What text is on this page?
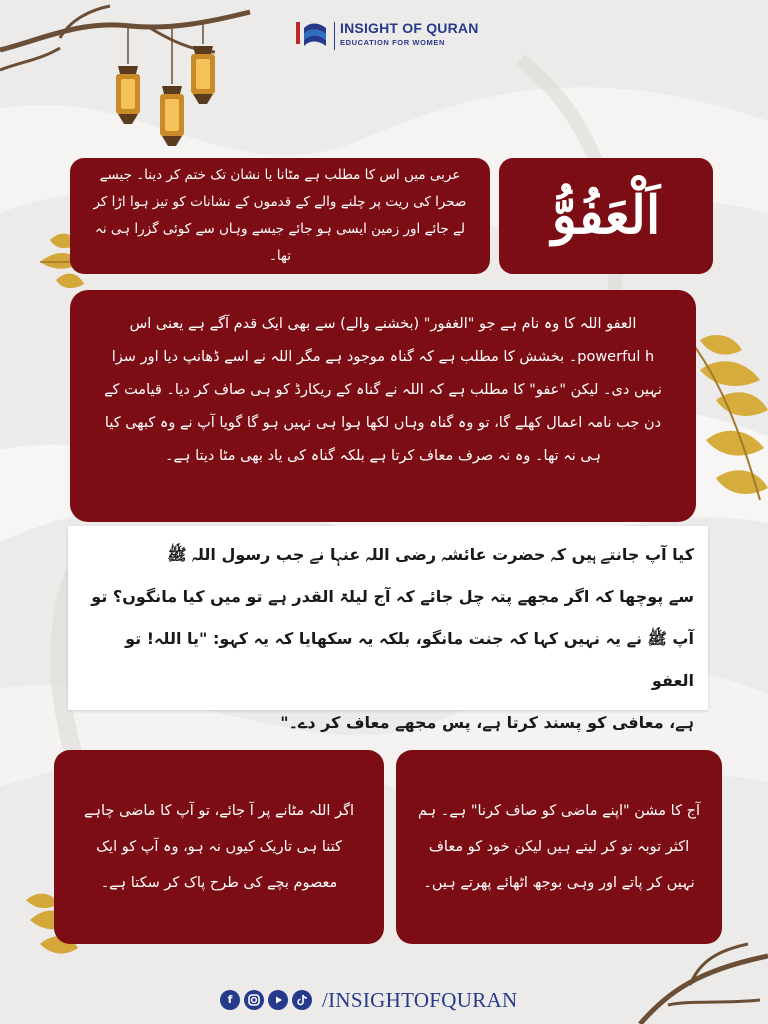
INSIGHT OF QURAN
EDUCATION FOR WOMEN
اَلْعَفُوُّ

عربی میں اس کا مطلب ہے مٹانا یا نشان تک ختم کر دینا۔ جیسے صحرا کی ریت پر چلنے والے کے قدموں کے نشانات کو تیز ہوا اڑا کر لے جائے اور زمین ایسی ہو جائے جیسے وہاں سے کوئی گزرا ہی نہ تھا۔

العفو اللہ کا وہ نام ہے جو "الغفور" (بخشنے والے) سے بھی ایک قدم آگے ہے یعنی اس powerful h۔ بخشش کا مطلب ہے کہ گناہ موجود ہے مگر اللہ نے اسے ڈھانپ دیا اور سزا نہیں دی۔ لیکن "عفو" کا مطلب ہے کہ اللہ نے گناہ کے ریکارڈ کو ہی صاف کر دیا۔ قیامت کے دن جب نامہ اعمال کھلے گا، تو وہ گناہ وہاں لکھا ہوا ہی نہیں ہو گا گویا آپ نے وہ کبھی کیا ہی نہ تھا۔ وہ نہ صرف معاف کرتا ہے بلکہ گناہ کی یاد بھی مٹا دیتا ہے۔

کیا آپ جانتے ہیں کہ حضرت عائشہ رضی اللہ عنہا نے جب رسول اللہ ﷺ
سے پوچھا کہ اگر مجھے پتہ چل جائے کہ آج لیلۃ القدر ہے تو میں کیا مانگوں؟ تو
آپ ﷺ نے یہ نہیں کہا کہ جنت مانگو، بلکہ یہ سکھایا کہ یہ کہو: "یا اللہ! تو العفو
ہے، معافی کو پسند کرتا ہے، پس مجھے معاف کر دے۔"

اگر اللہ مٹانے پر آ جائے، تو آپ کا ماضی چاہے کتنا ہی تاریک کیوں نہ ہو، وہ آپ کو ایک معصوم بچے کی طرح پاک کر سکتا ہے۔

آج کا مشن "اپنے ماضی کو صاف کرنا" ہے۔ ہم اکثر توبہ تو کر لیتے ہیں لیکن خود کو معاف نہیں کر پاتے اور وہی بوجھ اٹھائے پھرتے ہیں۔

f	/INSIGHTOFQURAN
